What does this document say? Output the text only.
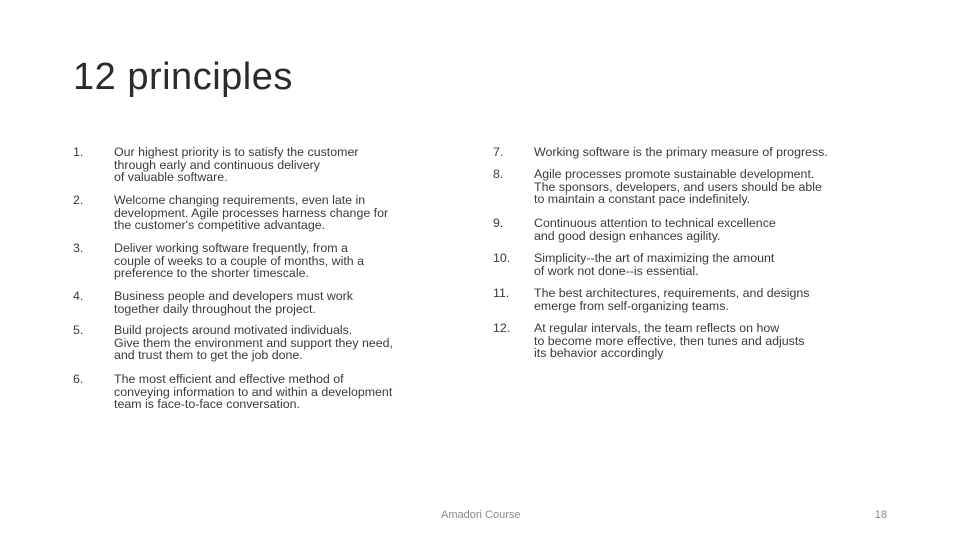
12 principles
1.	Our highest priority is to satisfy the customer
through early and continuous delivery
of valuable software.
2.	Welcome changing requirements, even late in
development. Agile processes harness change for
the customer's competitive advantage.
3.	Deliver working software frequently, from a
couple of weeks to a couple of months, with a
preference to the shorter timescale.
4.	Business people and developers must work
together daily throughout the project.
5.	Build projects around motivated individuals.
Give them the environment and support they need,
and trust them to get the job done.
6.	The most efficient and effective method of
conveying information to and within a development
team is face-to-face conversation.
7.	Working software is the primary measure of progress.
8.	Agile processes promote sustainable development.
The sponsors, developers, and users should be able
to maintain a constant pace indefinitely.
9.	Continuous attention to technical excellence
and good design enhances agility.
10.	Simplicity--the art of maximizing the amount
of work not done--is essential.
11.	The best architectures, requirements, and designs
emerge from self-organizing teams.
12.	At regular intervals, the team reflects on how
to become more effective, then tunes and adjusts
its behavior accordingly
Amadori Course	18
